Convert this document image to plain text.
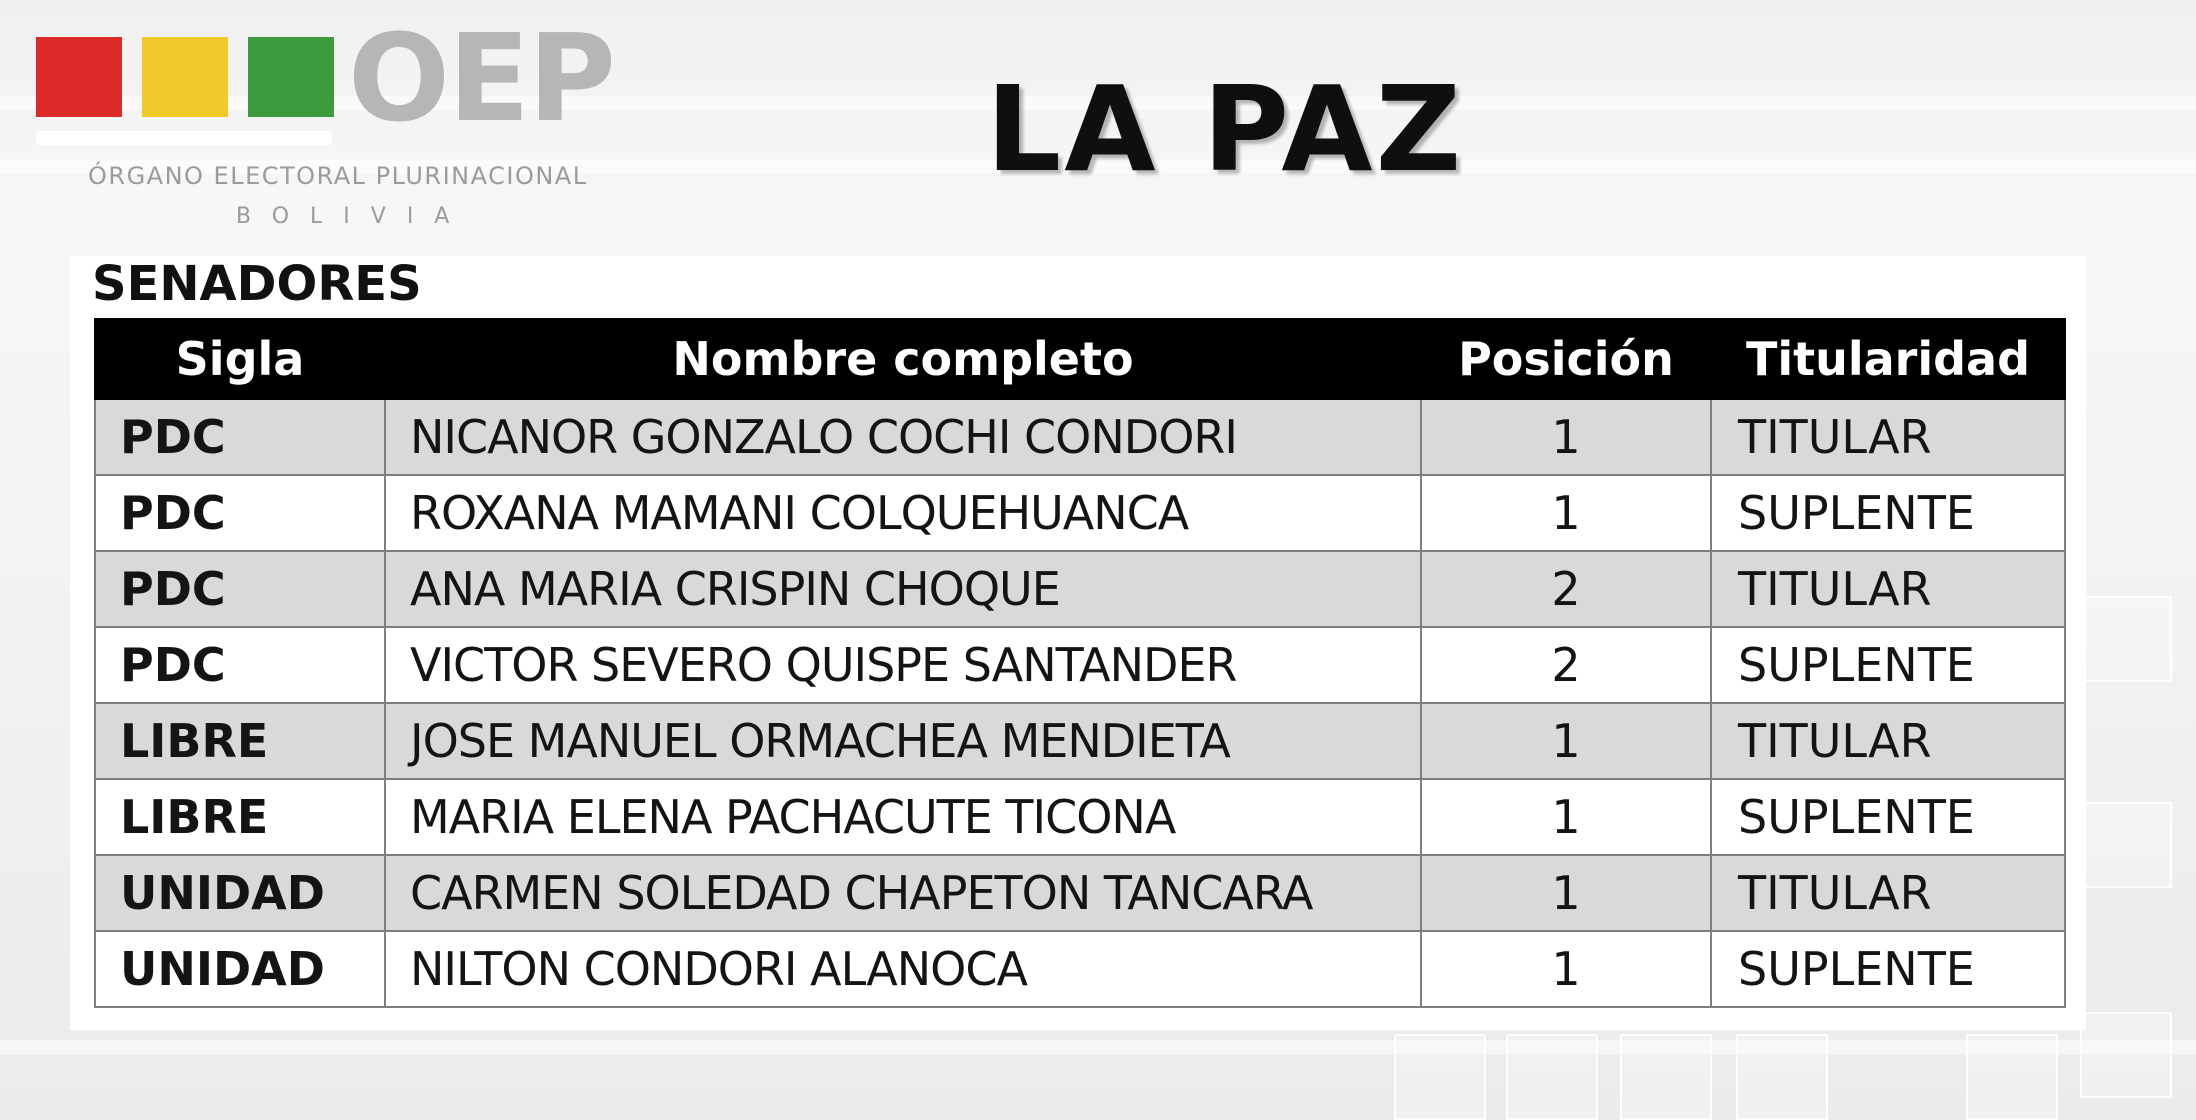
OEP
ÓRGANO ELECTORAL PLURINACIONAL
BOLIVIA
LA PAZ
SENADORES
Sigla	Nombre completo	Posición	Titularidad
PDC	NICANOR GONZALO COCHI CONDORI	1	TITULAR
PDC	ROXANA MAMANI COLQUEHUANCA	1	SUPLENTE
PDC	ANA MARIA CRISPIN CHOQUE	2	TITULAR
PDC	VICTOR SEVERO QUISPE SANTANDER	2	SUPLENTE
LIBRE	JOSE MANUEL ORMACHEA MENDIETA	1	TITULAR
LIBRE	MARIA ELENA PACHACUTE TICONA	1	SUPLENTE
UNIDAD	CARMEN SOLEDAD CHAPETON TANCARA	1	TITULAR
UNIDAD	NILTON CONDORI ALANOCA	1	SUPLENTE
